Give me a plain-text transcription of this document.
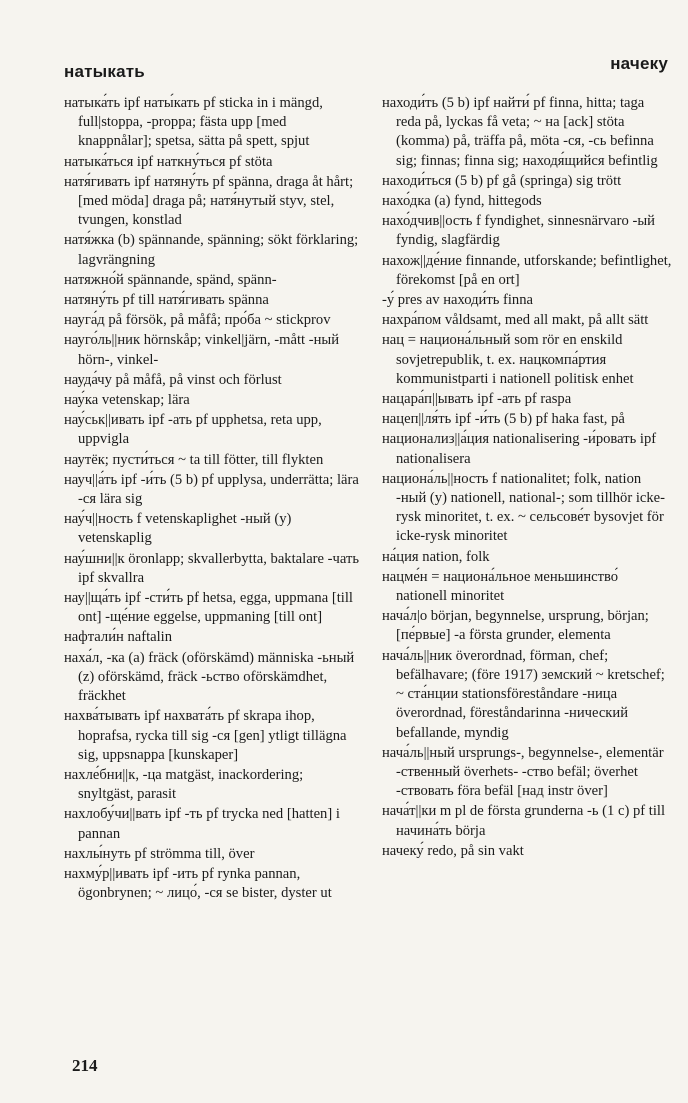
натыкать	начеку
натыка́ть ipf наты́кать pf sticka in i mängd, full|stoppa, -proppa; fästa upp [med knappnålar]; spetsa, sätta på spett, spjut
натыка́ться ipf наткну́ться pf stöta
натя́гивать ipf натяну́ть pf spänna, draga åt hårt; [med möda] draga på; натя́нутый styv, stel, tvungen, konstlad
натя́жка (b) spännande, spänning; sökt förklaring; lagvrängning
натяжно́й spännande, spänd, spänn-
натяну́ть pf till натя́гивать spänna
науга́д på försök, på måfå; про́ба ~ stickprov
науго́ль||ник hörnskåp; vinkel|järn, -mått -ный hörn-, vinkel-
науда́чу på måfå, på vinst och förlust
нау́ка vetenskap; lära
нау́ськ||ивать ipf -ать pf upphetsa, reta upp, uppvigla
наутёк; пусти́ться ~ ta till fötter, till flykten
науч||а́ть ipf -и́ть (5 b) pf upplysa, underrätta; lära -ся lära sig
нау́ч||ность f vetenskaplighet -ный (y) vetenskaplig
нау́шни||к öronlapp; skvallerbytta, baktalare -чать ipf skvallra
нау||ща́ть ipf -сти́ть pf hetsa, egga, uppmana [till ont] -ще́ние eggelse, uppmaning [till ont]
нафтали́н naftalin
наха́л, -ка (a) fräck (oförskämd) människa -ьный (z) oförskämd, fräck -ьство oförskämdhet, fräckhet
нахва́тывать ipf нахвата́ть pf skrapa ihop, hoprafsa, rycka till sig -ся [gen] ytligt tillägna sig, uppsnappa [kunskaper]
нахле́бни||к, -ца matgäst, inackordering; snyltgäst, parasit
нахлобу́чи||вать ipf -ть pf trycka ned [hatten] i pannan
нахлы́нуть pf strömma till, över
нахму́р||ивать ipf -ить pf rynka pannan, ögonbrynen; ~ лицо́, -ся se bister, dyster ut
находи́ть (5 b) ipf найти́ pf finna, hitta; taga reda på, lyckas få veta; ~ на [ack] stöta (komma) på, träffa på, möta -ся, -сь befinna sig; finnas; finna sig; находя́щийся befintlig
находи́ться (5 b) pf gå (springa) sig trött
нахо́дка (a) fynd, hittegods
нахо́дчив||ость f fyndighet, sinnesnärvaro -ый fyndig, slagfärdig
нахож||де́ние finnande, utforskande; befintlighet, förekomst [på en ort]
-у́ pres av находи́ть finna
нахра́пом våldsamt, med all makt, på allt sätt
нац = национа́льный som rör en enskild sovjetrepublik, t. ex. нацкомпа́ртия kommunistparti i nationell politisk enhet
нацара́п||ывать ipf -ать pf raspa
нацеп||ля́ть ipf -и́ть (5 b) pf haka fast, på
национализ||а́ция nationalisering -и́ровать ipf nationalisera
национа́ль||ность f nationalitet; folk, nation -ный (y) nationell, national-; som tillhör icke-rysk minoritet, t. ex. ~ сельсове́т bysovjet för icke-rysk minoritet
на́ция nation, folk
нацме́н = национа́льное меньшинство́ nationell minoritet
нача́л|о början, begynnelse, ursprung, början; [пе́рвые] -a första grunder, elementa
нача́ль||ник överordnad, förman, chef; befälhavare; (före 1917) земский ~ kretschef; ~ ста́нции stationsföreståndare -ница överordnad, föreståndarinna -нический befallande, myndig
нача́ль||ный ursprungs-, begynnelse-, elementär -ственный överhets- -ство befäl; överhet -ствовать föra befäl [над instr över]
нача́т||ки m pl de första grunderna -ь (1 c) pf till начина́ть börja
начеку́ redo, på sin vakt
214
